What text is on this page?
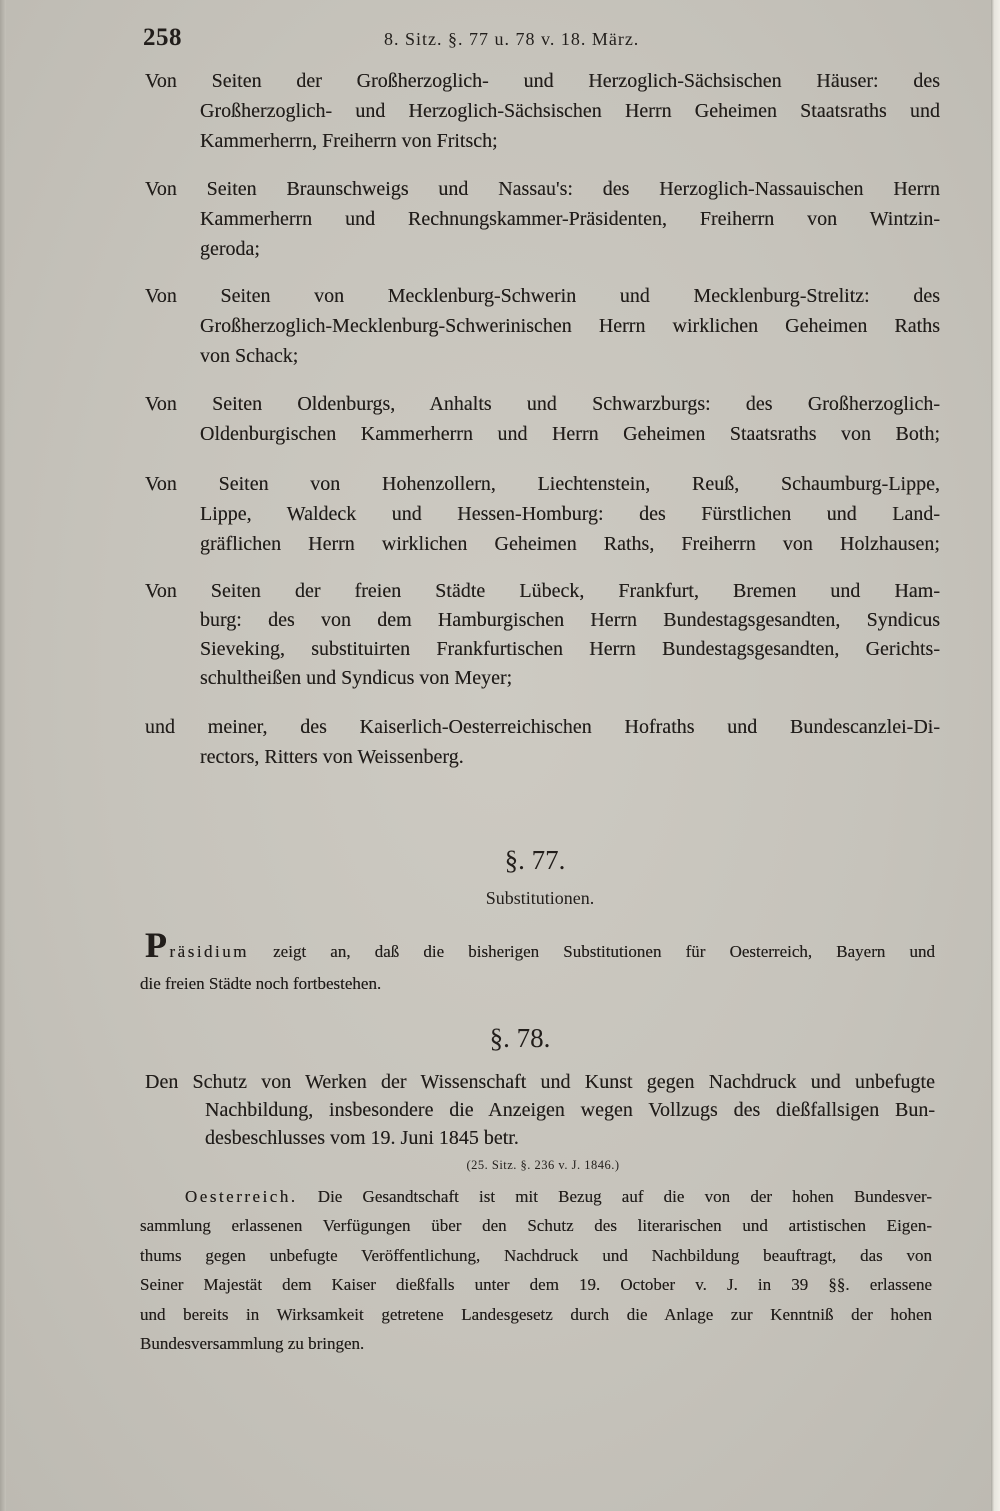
258	8. Sitz. §. 77 u. 78 v. 18. März.
Von Seiten der Großherzoglich- und Herzoglich-Sächsischen Häuser: des
Großherzoglich- und Herzoglich-Sächsischen Herrn Geheimen Staatsraths und
Kammerherrn, Freiherrn von Fritsch;
Von Seiten Braunschweigs und Nassau's: des Herzoglich-Nassauischen Herrn
Kammerherrn und Rechnungskammer-Präsidenten, Freiherrn von Wintzin-
geroda;
Von Seiten von Mecklenburg-Schwerin und Mecklenburg-Strelitz: des
Großherzoglich-Mecklenburg-Schwerinischen Herrn wirklichen Geheimen Raths
von Schack;
Von Seiten Oldenburgs, Anhalts und Schwarzburgs: des Großherzoglich-
Oldenburgischen Kammerherrn und Herrn Geheimen Staatsraths von Both;
Von Seiten von Hohenzollern, Liechtenstein, Reuß, Schaumburg-Lippe,
Lippe, Waldeck und Hessen-Homburg: des Fürstlichen und Land-
gräflichen Herrn wirklichen Geheimen Raths, Freiherrn von Holzhausen;
Von Seiten der freien Städte Lübeck, Frankfurt, Bremen und Ham-
burg: des von dem Hamburgischen Herrn Bundestagsgesandten, Syndicus
Sieveking, substituirten Frankfurtischen Herrn Bundestagsgesandten, Gerichts-
schultheißen und Syndicus von Meyer;
und meiner, des Kaiserlich-Oesterreichischen Hofraths und Bundescanzlei-Di-
rectors, Ritters von Weissenberg.
§. 77.
Substitutionen.
Präsidium zeigt an, daß die bisherigen Substitutionen für Oesterreich, Bayern und
die freien Städte noch fortbestehen.
§. 78.
Den Schutz von Werken der Wissenschaft und Kunst gegen Nachdruck und unbefugte
Nachbildung, insbesondere die Anzeigen wegen Vollzugs des dießfallsigen Bun-
desbeschlusses vom 19. Juni 1845 betr.
(25. Sitz. §. 236 v. J. 1846.)
Oesterreich. Die Gesandtschaft ist mit Bezug auf die von der hohen Bundesver-
sammlung erlassenen Verfügungen über den Schutz des literarischen und artistischen Eigen-
thums gegen unbefugte Veröffentlichung, Nachdruck und Nachbildung beauftragt, das von
Seiner Majestät dem Kaiser dießfalls unter dem 19. October v. J. in 39 §§. erlassene
und bereits in Wirksamkeit getretene Landesgesetz durch die Anlage zur Kenntniß der hohen
Bundesversammlung zu bringen.
